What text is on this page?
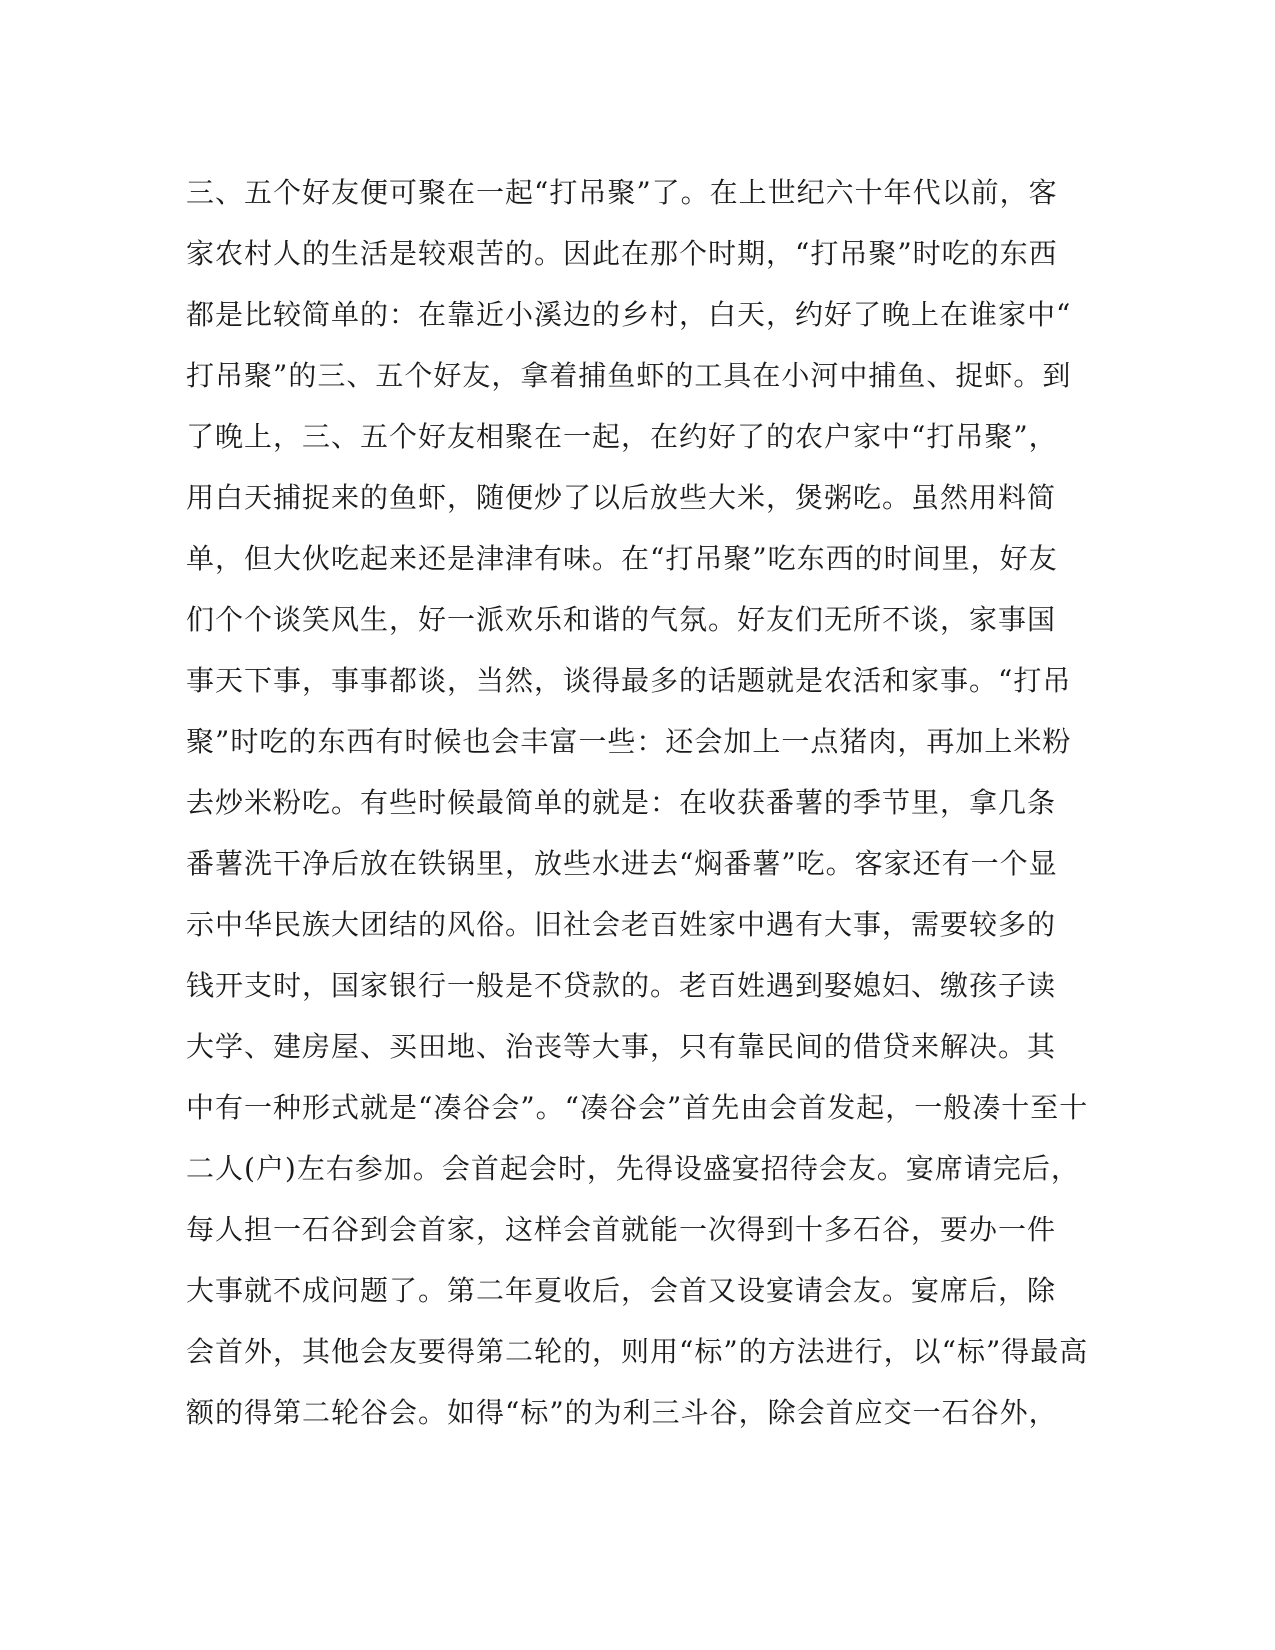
三、五个好友便可聚在一起“打吊聚”了。在上世纪六十年代以前，客
家农村人的生活是较艰苦的。因此在那个时期，“打吊聚”时吃的东西
都是比较简单的：在靠近小溪边的乡村，白天，约好了晚上在谁家中“
打吊聚”的三、五个好友，拿着捕鱼虾的工具在小河中捕鱼、捉虾。到
了晚上，三、五个好友相聚在一起，在约好了的农户家中“打吊聚”，
用白天捕捉来的鱼虾，随便炒了以后放些大米，煲粥吃。虽然用料简
单，但大伙吃起来还是津津有味。在“打吊聚”吃东西的时间里，好友
们个个谈笑风生，好一派欢乐和谐的气氛。好友们无所不谈，家事国
事天下事，事事都谈，当然，谈得最多的话题就是农活和家事。“打吊
聚”时吃的东西有时候也会丰富一些：还会加上一点猪肉，再加上米粉
去炒米粉吃。有些时候最简单的就是：在收获番薯的季节里，拿几条
番薯洗干净后放在铁锅里，放些水进去“焖番薯”吃。客家还有一个显
示中华民族大团结的风俗。旧社会老百姓家中遇有大事，需要较多的
钱开支时，国家银行一般是不贷款的。老百姓遇到娶媳妇、缴孩子读
大学、建房屋、买田地、治丧等大事，只有靠民间的借贷来解决。其
中有一种形式就是“凑谷会”。“凑谷会”首先由会首发起，一般凑十至十
二人(户)左右参加。会首起会时，先得设盛宴招待会友。宴席请完后，
每人担一石谷到会首家，这样会首就能一次得到十多石谷，要办一件
大事就不成问题了。第二年夏收后，会首又设宴请会友。宴席后，除
会首外，其他会友要得第二轮的，则用“标”的方法进行，以“标”得最高
额的得第二轮谷会。如得“标”的为利三斗谷，除会首应交一石谷外，
